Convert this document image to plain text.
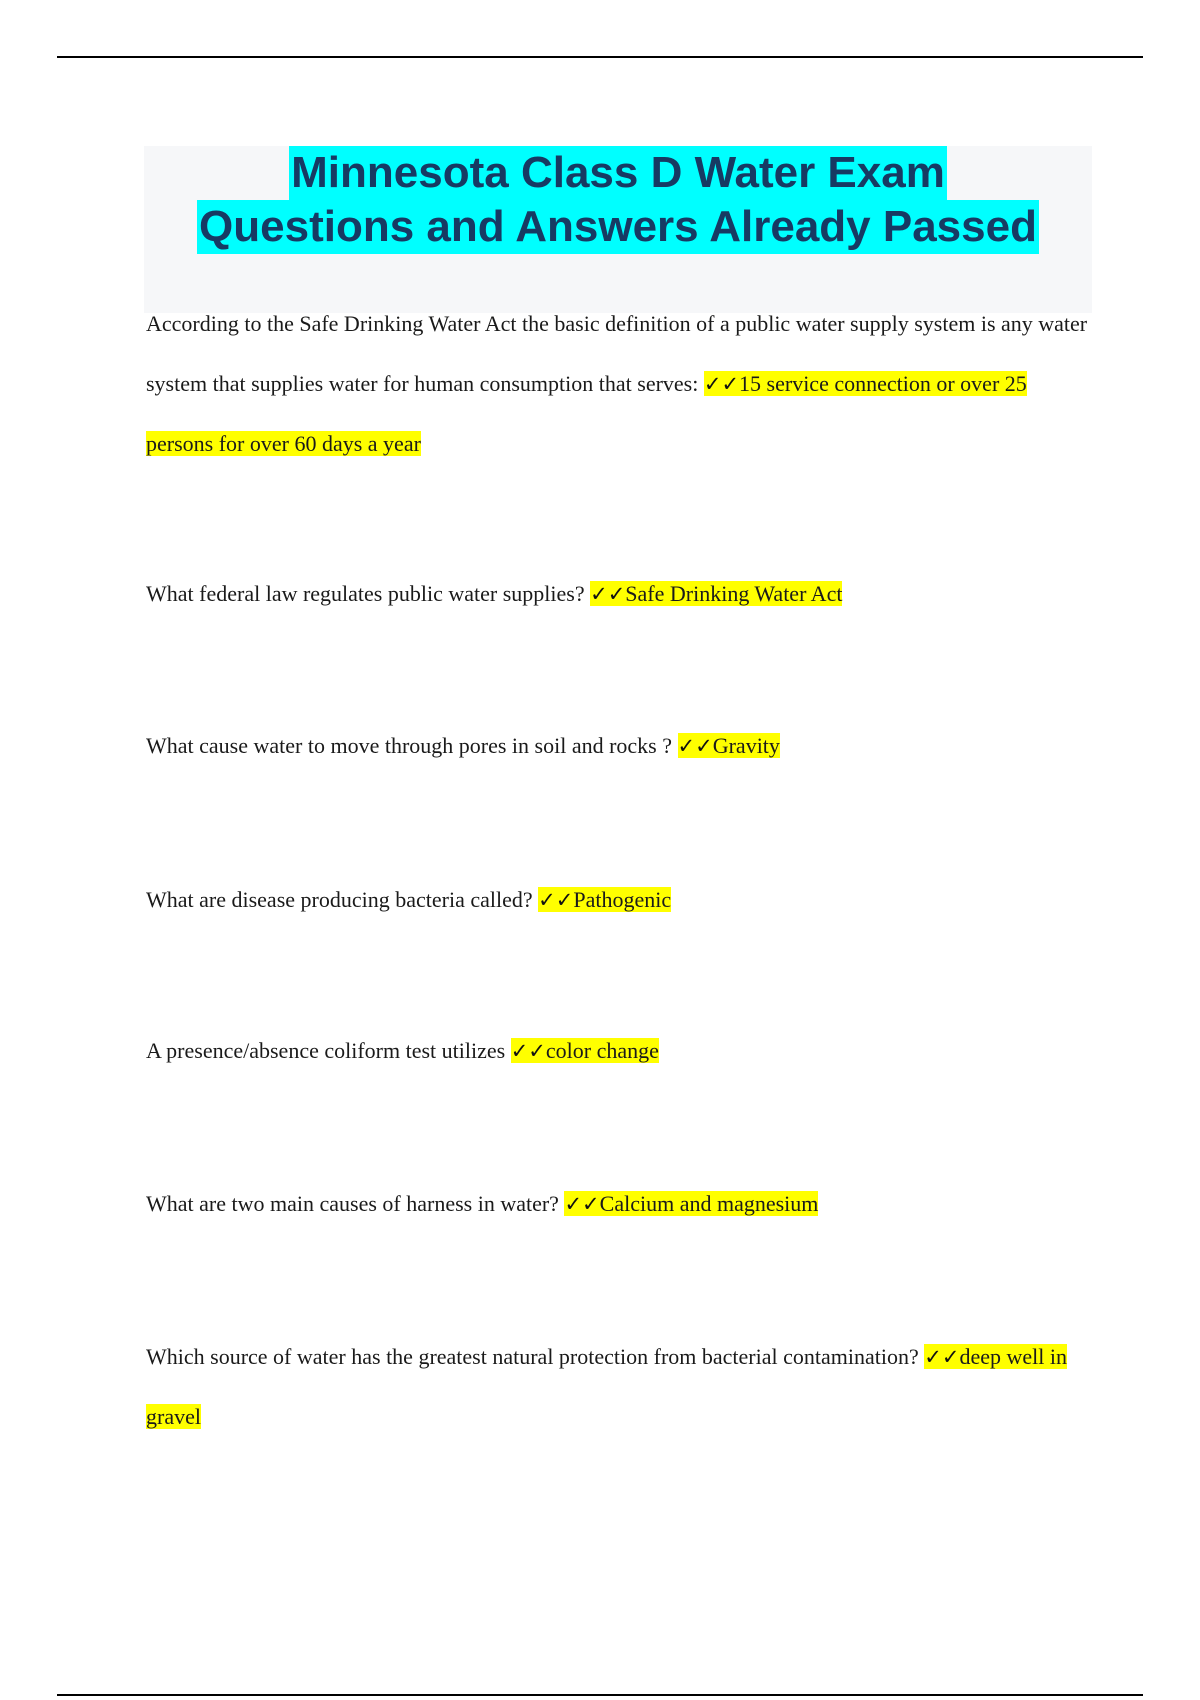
Minnesota Class D Water Exam
Questions and Answers Already Passed

According to the Safe Drinking Water Act the basic definition of a public water supply system is any water system that supplies water for human consumption that serves: ✓✓15 service connection or over 25 persons for over 60 days a year

What federal law regulates public water supplies? ✓✓Safe Drinking Water Act

What cause water to move through pores in soil and rocks ? ✓✓Gravity

What are disease producing bacteria called? ✓✓Pathogenic

A presence/absence coliform test utilizes ✓✓color change

What are two main causes of harness in water? ✓✓Calcium and magnesium

Which source of water has the greatest natural protection from bacterial contamination? ✓✓deep well in gravel
